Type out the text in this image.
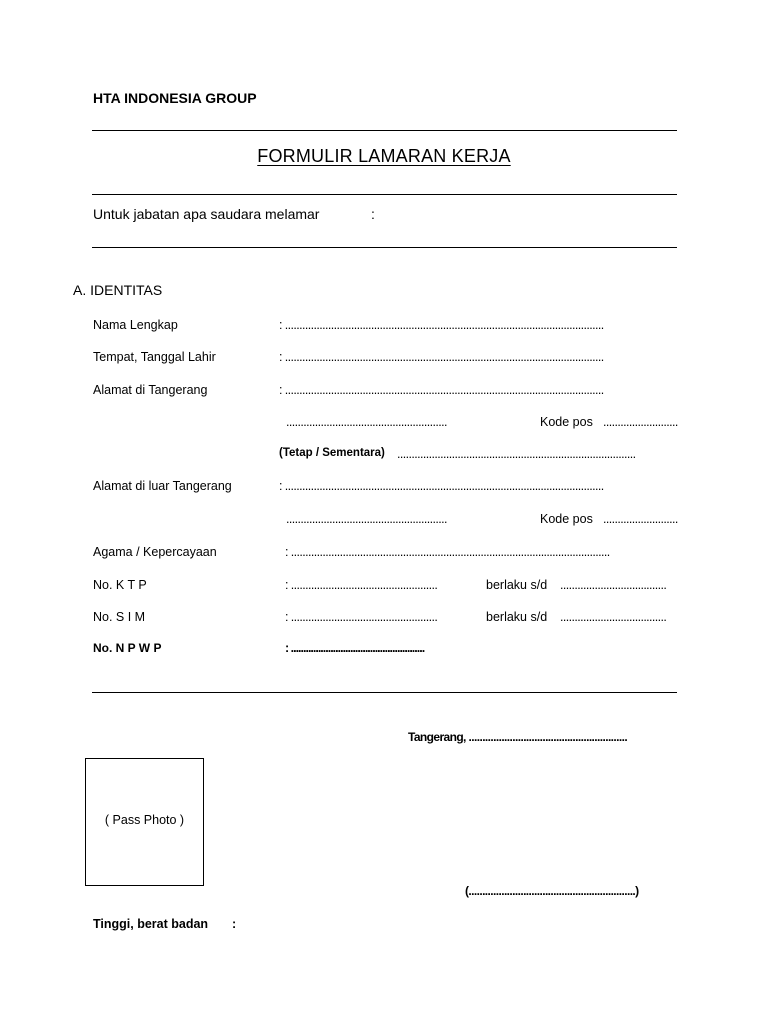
HTA INDONESIA GROUP
FORMULIR LAMARAN KERJA
Untuk jabatan apa saudara melamar	:
A. IDENTITAS
Nama Lengkap	: ...............................................................................................................
Tempat, Tanggal Lahir	: ...............................................................................................................
Alamat di Tangerang	: ...............................................................................................................
........................................................	Kode pos ..........................
(Tetap / Sementara) ...................................................................................
Alamat di luar Tangerang	: ...............................................................................................................
........................................................	Kode pos ..........................
Agama / Kepercayaan	: ...............................................................................................................
No. K T P	: ...................................................	berlaku s/d .....................................
No. S I M	: ...................................................	berlaku s/d .....................................
No. N P W P	: ......................................................
Tangerang, ..........................................................
( Pass Photo )
(.............................................................)
Tinggi, berat badan :
